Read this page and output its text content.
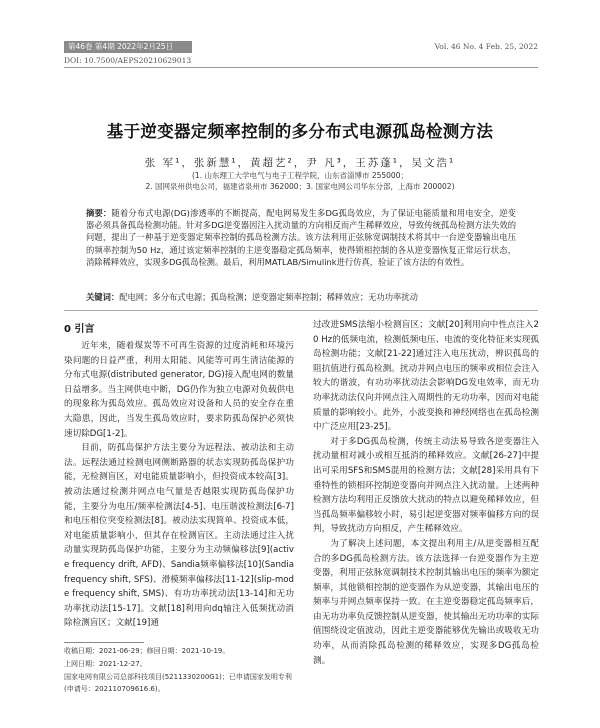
第46卷 第4期 2022年2月25日	Vol. 46 No. 4 Feb. 25, 2022
DOI: 10.7500/AEPS20210629013
基于逆变器定频率控制的多分布式电源孤岛检测方法
张 军¹，张新慧¹，黄超艺²，尹 凡³，王苏蓬¹，吴文浩¹
(1. 山东理工大学电气与电子工程学院，山东省淄博市 255000；
2. 国网泉州供电公司，福建省泉州市 362000；3. 国家电网公司华东分部，上海市 200002)
摘要：随着分布式电源(DG)渗透率的不断提高，配电网易发生多DG孤岛效应，为了保证电能质量和用电安全，逆变器必须具备孤岛检测功能。针对多DG逆变器因注入扰动量的方向相反而产生稀释效应，导致传统孤岛检测方法失效的问题，提出了一种基于逆变器定频率控制的孤岛检测方法。该方法利用正弦脉宽调制技术将其中一台逆变器输出电压的频率控制为50 Hz，通过该定频率控制的主逆变器稳定孤岛频率，使得锁相控制的各从逆变器恢复正常运行状态，消除稀释效应，实现多DG孤岛检测。最后，利用MATLAB/Simulink进行仿真，验证了该方法的有效性。
关键词：配电网；多分布式电源；孤岛检测；逆变器定频率控制；稀释效应；无功功率扰动
0 引言

近年来，随着煤炭等不可再生资源的过度消耗和环境污染问题的日益严重，利用太阳能、风能等可再生清洁能源的分布式电源(distributed generator, DG)接入配电网的数量日益增多。当主网供电中断，DG仍作为独立电源对负载供电的现象称为孤岛效应。孤岛效应对设备和人员的安全存在重大隐患，因此，当发生孤岛效应时，要求防孤岛保护必须快速切除DG[1-2]。

目前，防孤岛保护方法主要分为远程法、被动法和主动法。远程法通过检测电网侧断路器的状态实现防孤岛保护功能，无检测盲区，对电能质量影响小，但投资成本较高[3]。被动法通过检测并网点电气量是否越限实现防孤岛保护功能，主要分为电压/频率检测法[4-5]、电压谐波检测法[6-7]和电压相位突变检测法[8]。被动法实现简单、投资成本低，对电能质量影响小，但其存在检测盲区。主动法通过注入扰动量实现防孤岛保护功能，主要分为主动频偏移法[9](active frequency drift, AFD)、Sandia频率偏移法[10](Sandia frequency shift, SFS)、滑模频率偏移法[11-12](slip-mode frequency shift, SMS)、有功功率扰动法[13-14]和无功功率扰动法[15-17]。文献[18]利用向dq轴注入低频扰动消除检测盲区；文献[19]通

过改进SMS法缩小检测盲区；文献[20]利用向中性点注入20 Hz的低频电流，检测低频电压、电流的变化特征来实现孤岛检测功能；文献[21-22]通过注入电压扰动，辨识孤岛的阻抗值进行孤岛检测。扰动并网点电压的频率或相位会注入较大的谐波，有功功率扰动法会影响DG发电效率，而无功功率扰动法仅向并网点注入周期性的无功功率，因而对电能质量的影响较小。此外，小波变换和神经网络也在孤岛检测中广泛应用[23-25]。

对于多DG孤岛检测，传统主动法易导致各逆变器注入扰动量相对减小或相互抵消的稀释效应。文献[26-27]中提出可采用SFS和SMS混用的检测方法；文献[28]采用具有下垂特性的锁相环控制逆变器向并网点注入扰动量。上述两种检测方法均利用正反馈放大扰动的特点以避免稀释效应，但当孤岛频率偏移较小时，易引起逆变器对频率偏移方向的误判，导致扰动方向相反，产生稀释效应。

为了解决上述问题，本文提出利用主/从逆变器相互配合的多DG孤岛检测方法。该方法选择一台逆变器作为主逆变器，利用正弦脉宽调制技术控制其输出电压的频率为额定频率，其他锁相控制的逆变器作为从逆变器，其输出电压的频率与并网点频率保持一致。在主逆变器稳定孤岛频率后，由无功功率负反馈控制从逆变器，使其输出无功功率的实际值围绕设定值波动，因此主逆变器能够优先输出或吸收无功功率，从而消除孤岛检测的稀释效应，实现多DG孤岛检测。

收稿日期：2021-06-29；修回日期：2021-10-19。
上网日期：2021-12-27。
国家电网有限公司总部科技项目(5211330200G1)；已申请国家发明专利(申请号：202110709616.6)。
